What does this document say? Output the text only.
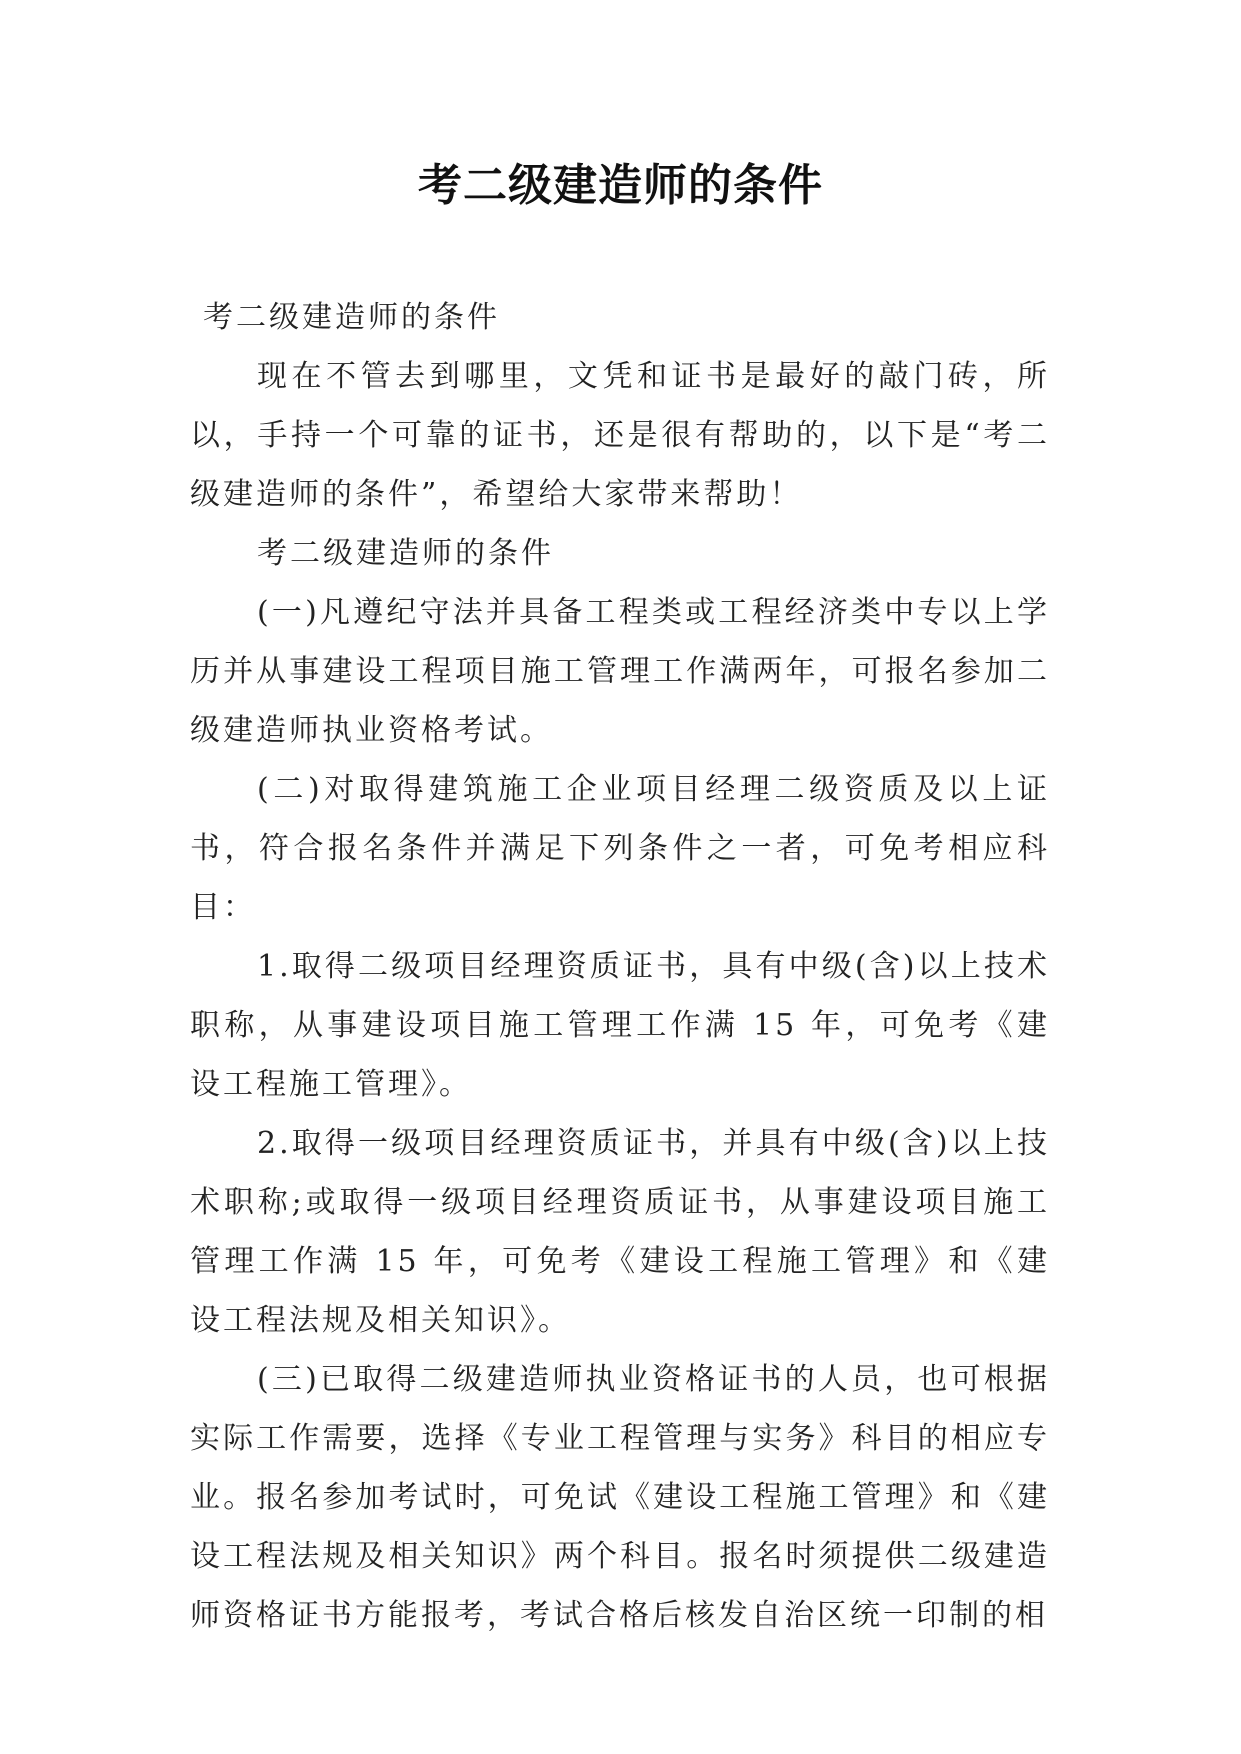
考二级建造师的条件

考二级建造师的条件

现在不管去到哪里，文凭和证书是最好的敲门砖，所以，手持一个可靠的证书，还是很有帮助的，以下是“考二级建造师的条件”，希望给大家带来帮助！

考二级建造师的条件

(一)凡遵纪守法并具备工程类或工程经济类中专以上学历并从事建设工程项目施工管理工作满两年，可报名参加二级建造师执业资格考试。

(二)对取得建筑施工企业项目经理二级资质及以上证书，符合报名条件并满足下列条件之一者，可免考相应科目：

1.取得二级项目经理资质证书，具有中级(含)以上技术职称，从事建设项目施工管理工作满 15 年，可免考《建设工程施工管理》。

2.取得一级项目经理资质证书，并具有中级(含)以上技术职称;或取得一级项目经理资质证书，从事建设项目施工管理工作满 15 年，可免考《建设工程施工管理》和《建设工程法规及相关知识》。

(三)已取得二级建造师执业资格证书的人员，也可根据实际工作需要，选择《专业工程管理与实务》科目的相应专业。报名参加考试时，可免试《建设工程施工管理》和《建设工程法规及相关知识》两个科目。报名时须提供二级建造师资格证书方能报考，考试合格后核发自治区统一印制的相
